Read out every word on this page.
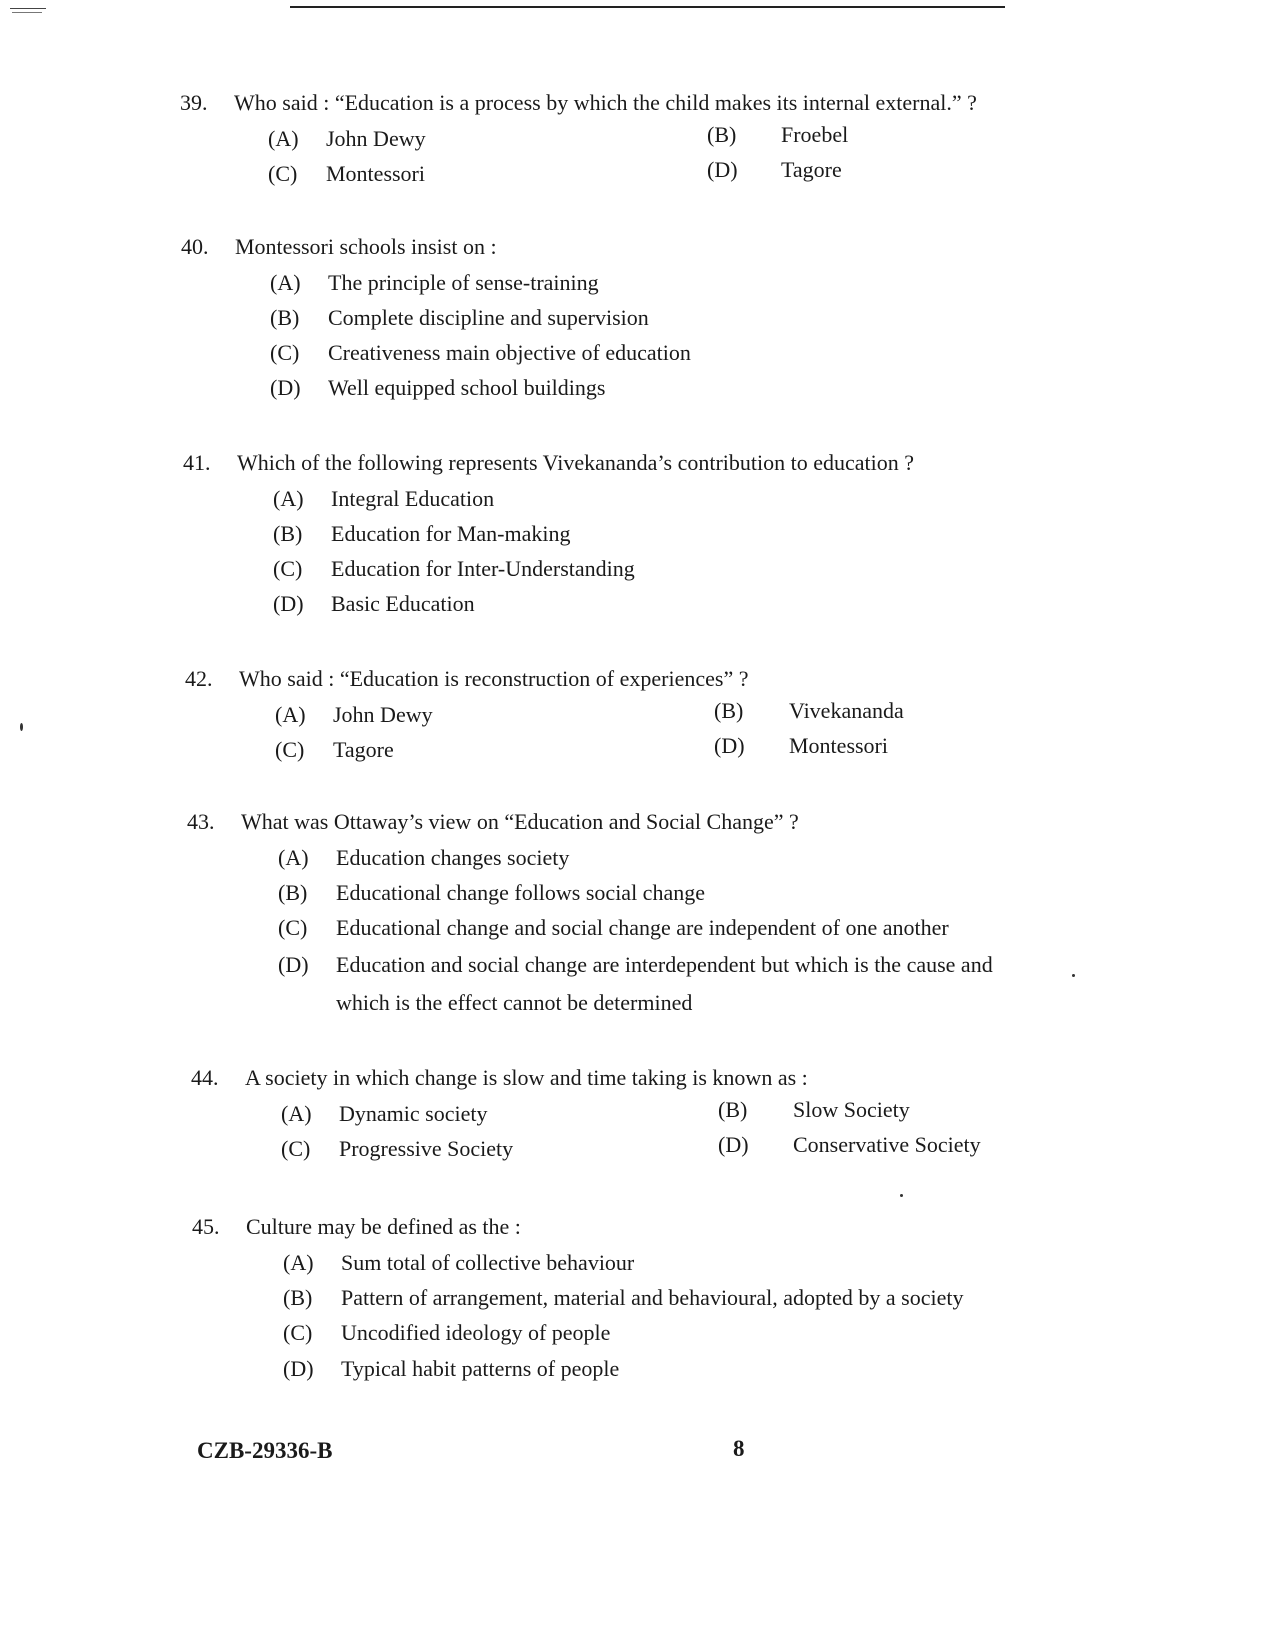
39. Who said : “Education is a process by which the child makes its internal external.” ?
(A) John Dewy	(B) Froebel
(C) Montessori	(D) Tagore
40. Montessori schools insist on :
(A) The principle of sense-training
(B) Complete discipline and supervision
(C) Creativeness main objective of education
(D) Well equipped school buildings
41. Which of the following represents Vivekananda’s contribution to education ?
(A) Integral Education
(B) Education for Man-making
(C) Education for Inter-Understanding
(D) Basic Education
42. Who said : “Education is reconstruction of experiences” ?
(A) John Dewy	(B) Vivekananda
(C) Tagore	(D) Montessori
43. What was Ottaway’s view on “Education and Social Change” ?
(A) Education changes society
(B) Educational change follows social change
(C) Educational change and social change are independent of one another
(D) Education and social change are interdependent but which is the cause and
which is the effect cannot be determined
44. A society in which change is slow and time taking is known as :
(A) Dynamic society	(B) Slow Society
(C) Progressive Society	(D) Conservative Society
45. Culture may be defined as the :
(A) Sum total of collective behaviour
(B) Pattern of arrangement, material and behavioural, adopted by a society
(C) Uncodified ideology of people
(D) Typical habit patterns of people
CZB-29336-B	8
